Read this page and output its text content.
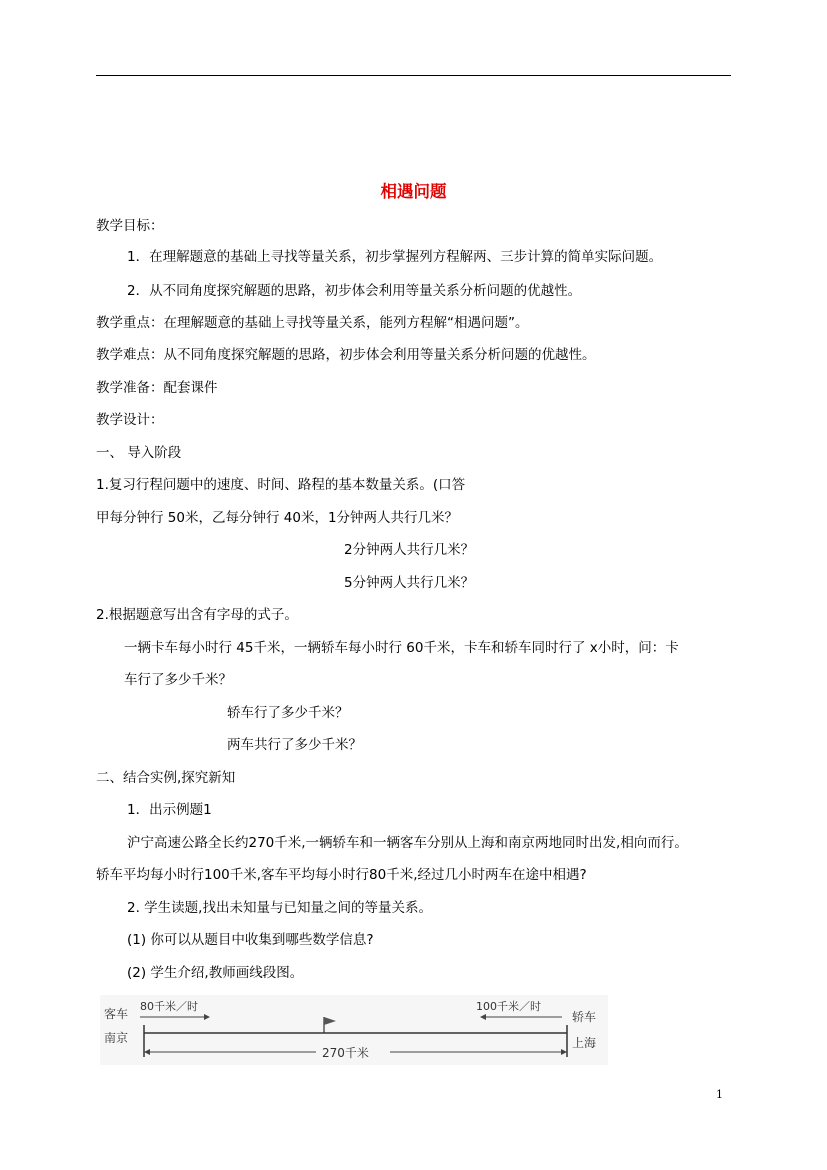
相遇问题
教学目标：
1．在理解题意的基础上寻找等量关系，初步掌握列方程解两、三步计算的简单实际问题。
2．从不同角度探究解题的思路，初步体会利用等量关系分析问题的优越性。
教学重点：在理解题意的基础上寻找等量关系，能列方程解“相遇问题”。
教学难点：从不同角度探究解题的思路，初步体会利用等量关系分析问题的优越性。
教学准备：配套课件
教学设计：
一、 导入阶段
1.复习行程问题中的速度、时间、路程的基本数量关系。(口答
甲每分钟行 50米，乙每分钟行 40米，1分钟两人共行几米？
2分钟两人共行几米？
5分钟两人共行几米？
2.根据题意写出含有字母的式子。
一辆卡车每小时行 45千米，一辆轿车每小时行 60千米，卡车和轿车同时行了 x小时，问：卡
车行了多少千米？
轿车行了多少千米？
两车共行了多少千米？
二、结合实例,探究新知
1．出示例题1
沪宁高速公路全长约270千米,一辆轿车和一辆客车分别从上海和南京两地同时出发,相向而行。
轿车平均每小时行100千米,客车平均每小时行80千米,经过几小时两车在途中相遇?
2. 学生读题,找出未知量与已知量之间的等量关系。
(1) 你可以从题目中收集到哪些数学信息?
(2) 学生介绍,教师画线段图。
客车
80千米／时	100千米／时
轿车
南京	上海
270千米
1
